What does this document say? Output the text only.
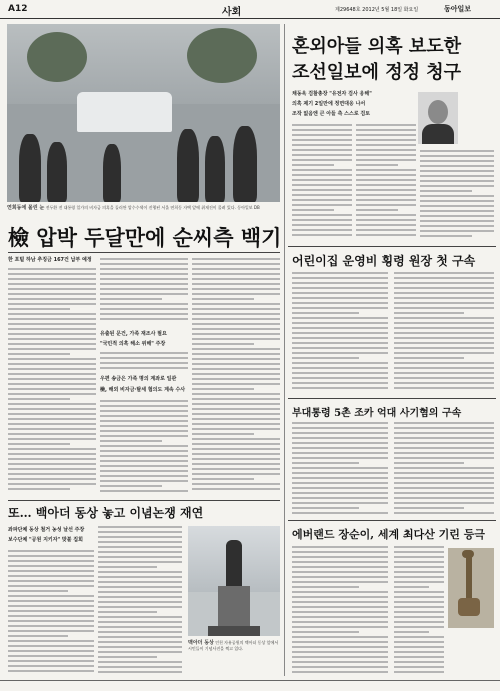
A12	사회	제29648호 2012년 5월 18일 화요일	동아일보
연희동에 몰린 눈 전두환 전 대통령 일가의 비자금 의혹을 둘러싼 압수수색이 진행된 서울 연희동 자택 앞에 취재진이 몰려 있다. 동아일보 DB
檢 압박 두달만에 순씨측 백기
한 포털 하남 추징금 167건 납부 예정
유출된 문건, 가족 재조사 필요
"국민적 의혹 해소 위해" 주장
우편 송금은 가족 명의 계좌로 일관
檢, 해외 비자금·탈세 혐의도 계속 수사
혼외아들 의혹 보도한
조선일보에 정정 청구
채동욱 검찰총장 "유전자 검사 응해"
의혹 제기 2일만에 정면대응 나서
조작 없음엔 큰 아들 측 스스로 검토
어린이집 운영비 횡령 원장 첫 구속
부대통령 5촌 조카 억대 사기혐의 구속
에버랜드 장순이, 세계 최다산 기린 등극
또… 백아더 동상 놓고 이념논쟁 재연
좌파단체 동상 철거 농성 날선 주장
보수단체 "공원 지키자" 맞불 집회
맥아더 동상 인천 자유공원의 맥아더 동상 앞에서 시민들이 기념사진을 찍고 있다.
